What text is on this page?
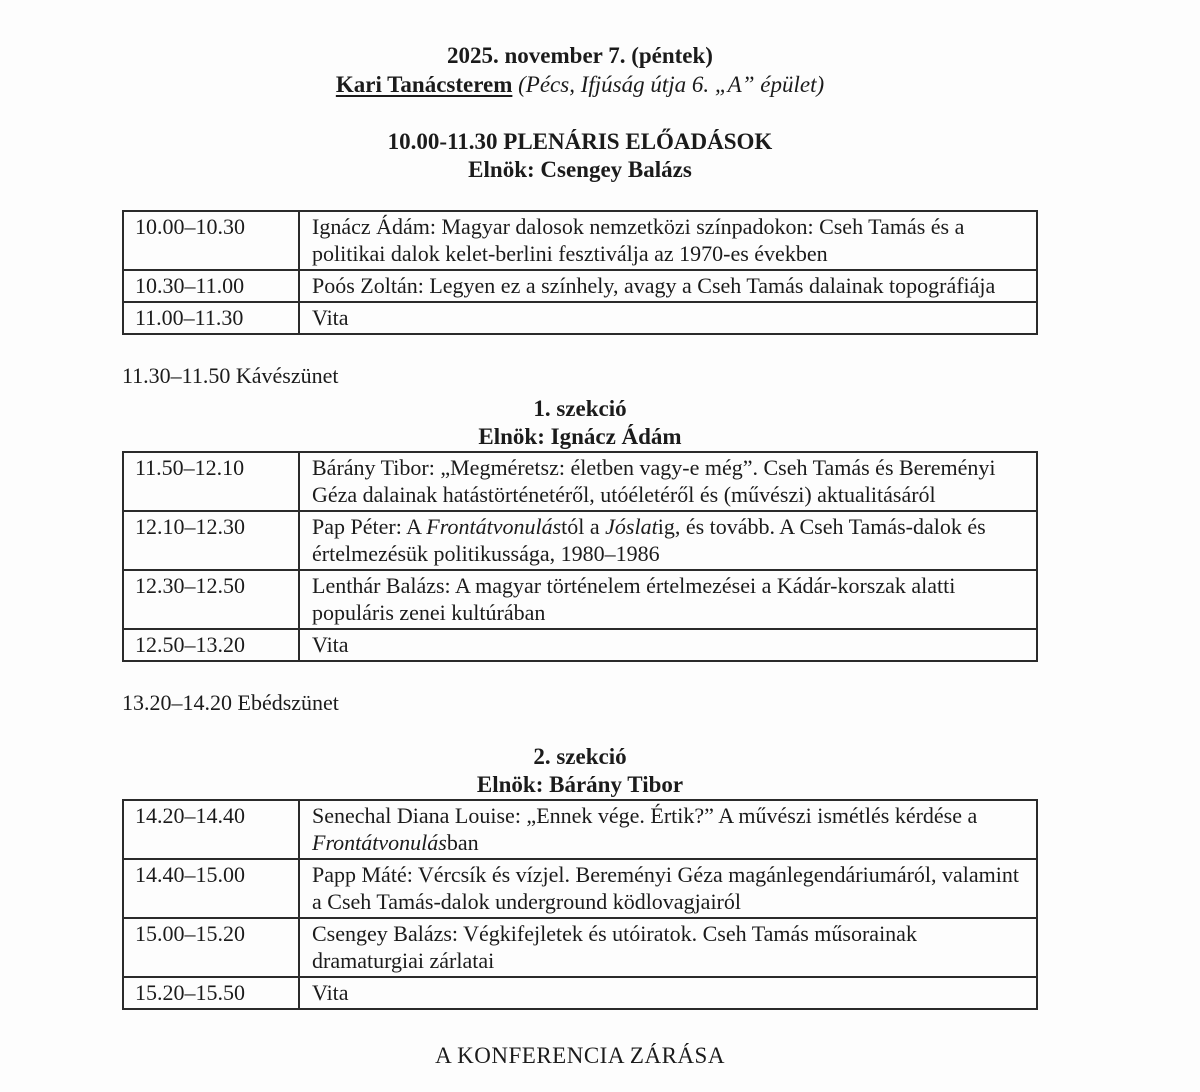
2025. november 7. (péntek)
Kari Tanácsterem (Pécs, Ifjúság útja 6. „A” épület)
10.00-11.30 PLENÁRIS ELŐADÁSOK
Elnök: Csengey Balázs
10.00–10.30	Ignácz Ádám: Magyar dalosok nemzetközi színpadokon: Cseh Tamás és a politikai dalok kelet-berlini fesztiválja az 1970-es években
10.30–11.00	Poós Zoltán: Legyen ez a színhely, avagy a Cseh Tamás dalainak topográfiája
11.00–11.30	Vita
11.30–11.50 Kávészünet
1. szekció
Elnök: Ignácz Ádám
11.50–12.10	Bárány Tibor: „Megméretsz: életben vagy-e még”. Cseh Tamás és Bereményi Géza dalainak hatástörténetéről, utóéletéről és (művészi) aktualitásáról
12.10–12.30	Pap Péter: A Frontátvonulástól a Jóslatig, és tovább. A Cseh Tamás-dalok és értelmezésük politikussága, 1980–1986
12.30–12.50	Lenthár Balázs: A magyar történelem értelmezései a Kádár-korszak alatti populáris zenei kultúrában
12.50–13.20	Vita
13.20–14.20 Ebédszünet
2. szekció
Elnök: Bárány Tibor
14.20–14.40	Senechal Diana Louise: „Ennek vége. Értik?” A művészi ismétlés kérdése a Frontátvonulásban
14.40–15.00	Papp Máté: Vércsík és vízjel. Bereményi Géza magánlegendáriumáról, valamint a Cseh Tamás-dalok underground ködlovagjairól
15.00–15.20	Csengey Balázs: Végkifejletek és utóiratok. Cseh Tamás műsorainak dramaturgiai zárlatai
15.20–15.50	Vita
A KONFERENCIA ZÁRÁSA
